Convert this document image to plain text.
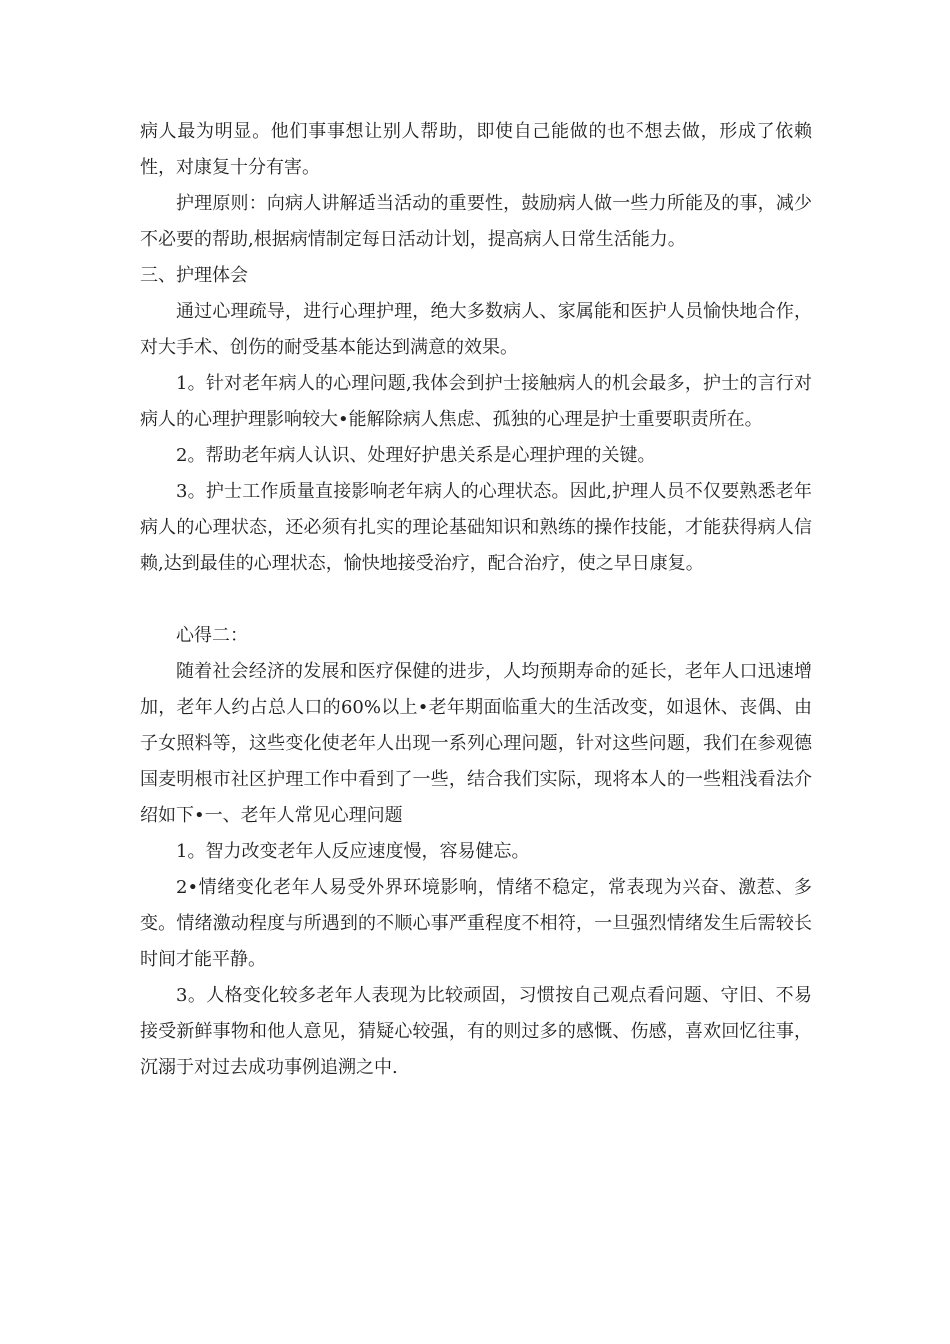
病人最为明显。他们事事想让别人帮助，即使自己能做的也不想去做，形成了依赖性，对康复十分有害。

护理原则：向病人讲解适当活动的重要性，鼓励病人做一些力所能及的事，减少不必要的帮助,根据病情制定每日活动计划，提高病人日常生活能力。

三、护理体会

通过心理疏导，进行心理护理，绝大多数病人、家属能和医护人员愉快地合作，对大手术、创伤的耐受基本能达到满意的效果。

1。针对老年病人的心理问题,我体会到护士接触病人的机会最多，护士的言行对病人的心理护理影响较大•能解除病人焦虑、孤独的心理是护士重要职责所在。

2。帮助老年病人认识、处理好护患关系是心理护理的关键。

3。护士工作质量直接影响老年病人的心理状态。因此,护理人员不仅要熟悉老年病人的心理状态，还必须有扎实的理论基础知识和熟练的操作技能，才能获得病人信赖,达到最佳的心理状态，愉快地接受治疗，配合治疗，使之早日康复。

心得二：

随着社会经济的发展和医疗保健的进步，人均预期寿命的延长，老年人口迅速增加，老年人约占总人口的60%以上•老年期面临重大的生活改变，如退休、丧偶、由子女照料等，这些变化使老年人出现一系列心理问题，针对这些问题，我们在参观德国麦明根市社区护理工作中看到了一些，结合我们实际，现将本人的一些粗浅看法介绍如下•一、老年人常见心理问题

1。智力改变老年人反应速度慢，容易健忘。

2•情绪变化老年人易受外界环境影响，情绪不稳定，常表现为兴奋、激惹、多变。情绪激动程度与所遇到的不顺心事严重程度不相符，一旦强烈情绪发生后需较长时间才能平静。

3。人格变化较多老年人表现为比较顽固，习惯按自己观点看问题、守旧、不易接受新鲜事物和他人意见，猜疑心较强，有的则过多的感慨、伤感，喜欢回忆往事，沉溺于对过去成功事例追溯之中.
